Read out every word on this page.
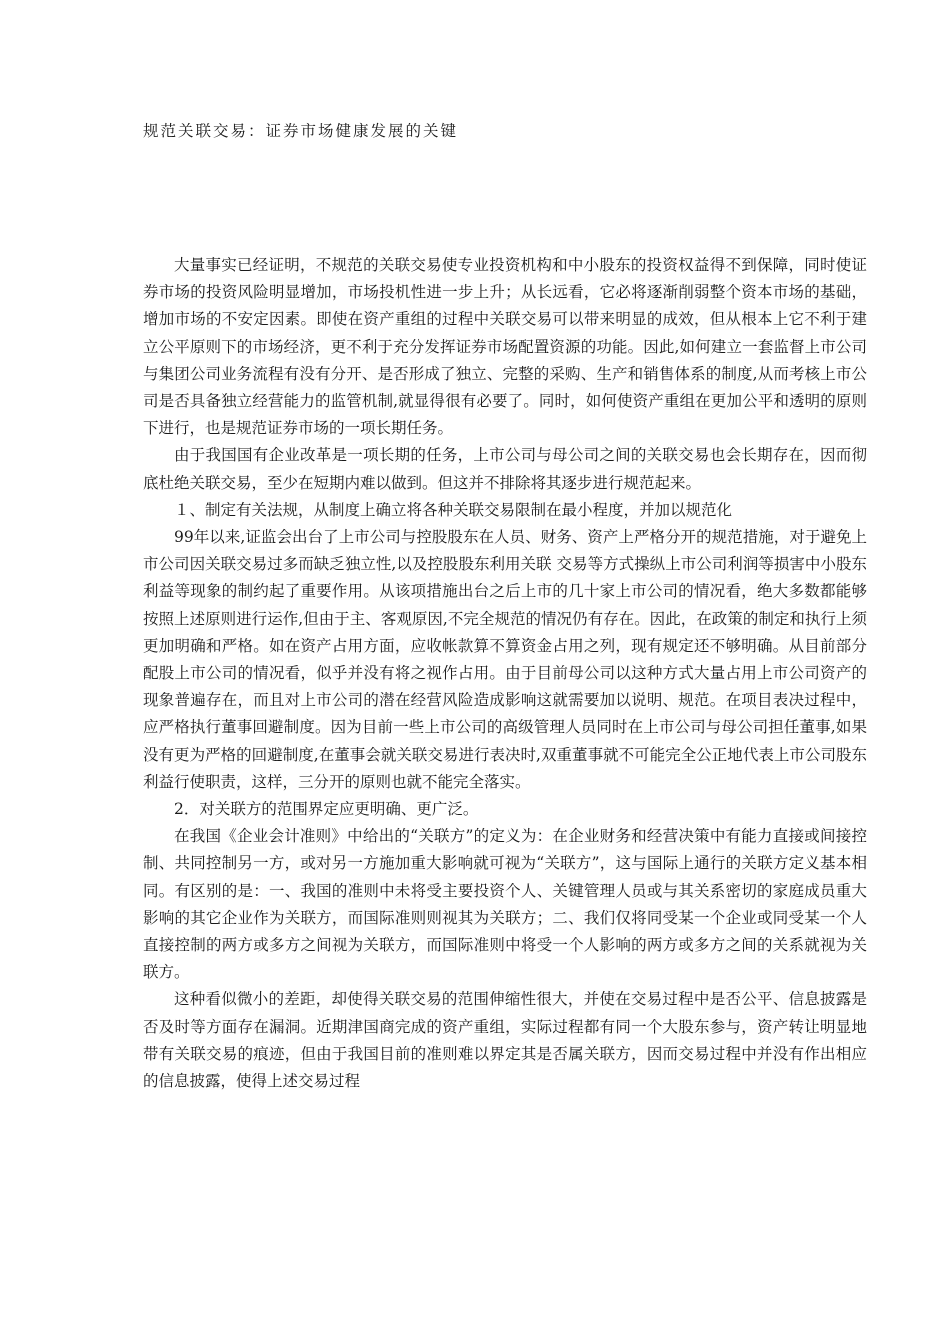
规范关联交易：证券市场健康发展的关键

大量事实已经证明，不规范的关联交易使专业投资机构和中小股东的投资权益得不到保障，同时使证券市场的投资风险明显增加，市场投机性进一步上升；从长远看，它必将逐渐削弱整个资本市场的基础，增加市场的不安定因素。即使在资产重组的过程中关联交易可以带来明显的成效，但从根本上它不利于建立公平原则下的市场经济，更不利于充分发挥证券市场配置资源的功能。因此,如何建立一套监督上市公司与集团公司业务流程有没有分开、是否形成了独立、完整的采购、生产和销售体系的制度,从而考核上市公司是否具备独立经营能力的监管机制,就显得很有必要了。同时，如何使资产重组在更加公平和透明的原则下进行，也是规范证券市场的一项长期任务。

由于我国国有企业改革是一项长期的任务，上市公司与母公司之间的关联交易也会长期存在，因而彻底杜绝关联交易，至少在短期内难以做到。但这并不排除将其逐步进行规范起来。

１、制定有关法规，从制度上确立将各种关联交易限制在最小程度，并加以规范化

99年以来,证监会出台了上市公司与控股股东在人员、财务、资产上严格分开的规范措施，对于避免上市公司因关联交易过多而缺乏独立性,以及控股股东利用关联 交易等方式操纵上市公司利润等损害中小股东利益等现象的制约起了重要作用。从该项措施出台之后上市的几十家上市公司的情况看，绝大多数都能够按照上述原则进行运作,但由于主、客观原因,不完全规范的情况仍有存在。因此，在政策的制定和执行上须更加明确和严格。如在资产占用方面，应收帐款算不算资金占用之列，现有规定还不够明确。从目前部分配股上市公司的情况看，似乎并没有将之视作占用。由于目前母公司以这种方式大量占用上市公司资产的现象普遍存在，而且对上市公司的潜在经营风险造成影响这就需要加以说明、规范。在项目表决过程中，应严格执行董事回避制度。因为目前一些上市公司的高级管理人员同时在上市公司与母公司担任董事,如果没有更为严格的回避制度,在董事会就关联交易进行表决时,双重董事就不可能完全公正地代表上市公司股东利益行使职责，这样，三分开的原则也就不能完全落实。

2．对关联方的范围界定应更明确、更广泛。

在我国《企业会计准则》中给出的“关联方”的定义为：在企业财务和经营决策中有能力直接或间接控制、共同控制另一方，或对另一方施加重大影响就可视为“关联方”，这与国际上通行的关联方定义基本相同。有区别的是：一、我国的准则中未将受主要投资个人、关键管理人员或与其关系密切的家庭成员重大影响的其它企业作为关联方，而国际准则则视其为关联方；二、我们仅将同受某一个企业或同受某一个人直接控制的两方或多方之间视为关联方，而国际准则中将受一个人影响的两方或多方之间的关系就视为关联方。

这种看似微小的差距，却使得关联交易的范围伸缩性很大，并使在交易过程中是否公平、信息披露是否及时等方面存在漏洞。近期津国商完成的资产重组，实际过程都有同一个大股东参与，资产转让明显地带有关联交易的痕迹，但由于我国目前的准则难以界定其是否属关联方，因而交易过程中并没有作出相应的信息披露，使得上述交易过程
